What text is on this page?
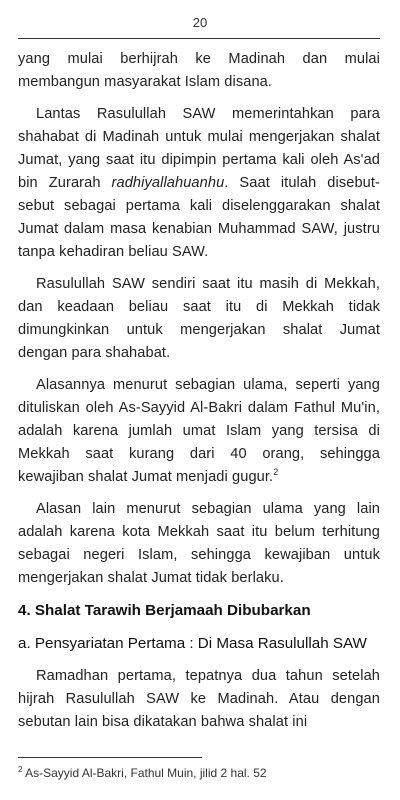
20

yang mulai berhijrah ke Madinah dan mulai membangun masyarakat Islam disana.

Lantas Rasulullah SAW memerintahkan para shahabat di Madinah untuk mulai mengerjakan shalat Jumat, yang saat itu dipimpin pertama kali oleh As'ad bin Zurarah radhiyallahuanhu. Saat itulah disebut-sebut sebagai pertama kali diselenggarakan shalat Jumat dalam masa kenabian Muhammad SAW, justru tanpa kehadiran beliau SAW.

Rasulullah SAW sendiri saat itu masih di Mekkah, dan keadaan beliau saat itu di Mekkah tidak dimungkinkan untuk mengerjakan shalat Jumat dengan para shahabat.

Alasannya menurut sebagian ulama, seperti yang dituliskan oleh As-Sayyid Al-Bakri dalam Fathul Mu'in, adalah karena jumlah umat Islam yang tersisa di Mekkah saat kurang dari 40 orang, sehingga kewajiban shalat Jumat menjadi gugur.$^2$

Alasan lain menurut sebagian ulama yang lain adalah karena kota Mekkah saat itu belum terhitung sebagai negeri Islam, sehingga kewajiban untuk mengerjakan shalat Jumat tidak berlaku.

4. Shalat Tarawih Berjamaah Dibubarkan
a. Pensyariatan Pertama : Di Masa Rasulullah SAW

Ramadhan pertama, tepatnya dua tahun setelah hijrah Rasulullah SAW ke Madinah. Atau dengan sebutan lain bisa dikatakan bahwa shalat ini

$^2$ As-Sayyid Al-Bakri, Fathul Muin, jilid 2 hal. 52
